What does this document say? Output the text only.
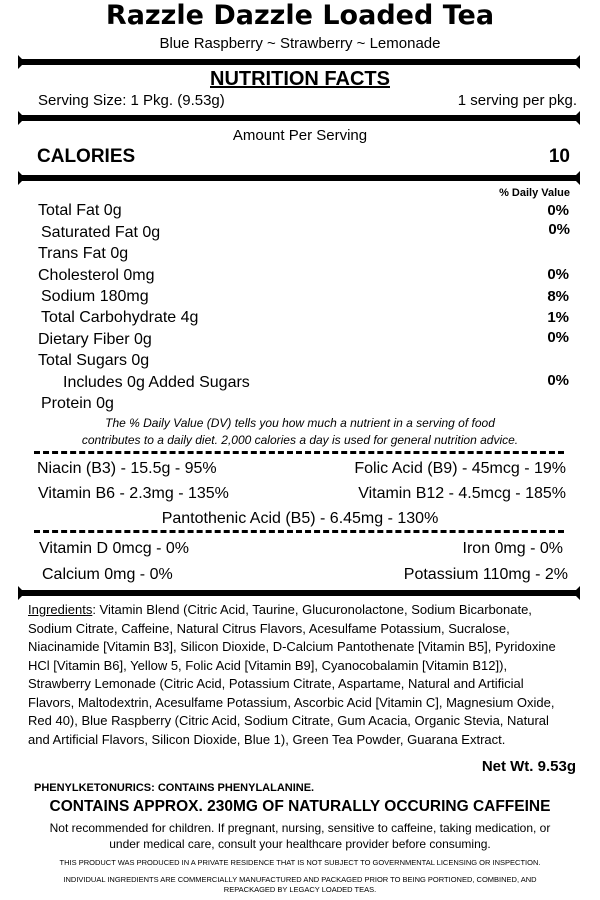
Razzle Dazzle Loaded Tea
Blue Raspberry ~ Strawberry ~ Lemonade
NUTRITION FACTS
Serving Size: 1 Pkg. (9.53g)	1 serving per pkg.
Amount Per Serving
CALORIES	10
% Daily Value
Total Fat 0g	0%
Saturated Fat 0g	0%
Trans Fat 0g
Cholesterol 0mg	0%
Sodium 180mg	8%
Total Carbohydrate 4g	1%
Dietary Fiber 0g	0%
Total Sugars 0g
Includes 0g Added Sugars	0%
Protein 0g
The % Daily Value (DV) tells you how much a nutrient in a serving of food
contributes to a daily diet. 2,000 calories a day is used for general nutrition advice.
Niacin (B3) - 15.5g - 95%	Folic Acid (B9) - 45mcg - 19%
Vitamin B6 - 2.3mg - 135%	Vitamin B12 - 4.5mcg - 185%
Pantothenic Acid (B5) - 6.45mg - 130%
Vitamin D 0mcg - 0%	Iron 0mg - 0%
Calcium 0mg - 0%	Potassium 110mg - 2%
Ingredients: Vitamin Blend (Citric Acid, Taurine, Glucuronolactone, Sodium Bicarbonate, Sodium Citrate, Caffeine, Natural Citrus Flavors, Acesulfame Potassium, Sucralose, Niacinamide [Vitamin B3], Silicon Dioxide, D-Calcium Pantothenate [Vitamin B5], Pyridoxine HCl [Vitamin B6], Yellow 5, Folic Acid [Vitamin B9], Cyanocobalamin [Vitamin B12]), Strawberry Lemonade (Citric Acid, Potassium Citrate, Aspartame, Natural and Artificial Flavors, Maltodextrin, Acesulfame Potassium, Ascorbic Acid [Vitamin C], Magnesium Oxide, Red 40), Blue Raspberry (Citric Acid, Sodium Citrate, Gum Acacia, Organic Stevia, Natural and Artificial Flavors, Silicon Dioxide, Blue 1), Green Tea Powder, Guarana Extract.
Net Wt. 9.53g
PHENYLKETONURICS: CONTAINS PHENYLALANINE.
CONTAINS APPROX. 230MG OF NATURALLY OCCURING CAFFEINE
Not recommended for children. If pregnant, nursing, sensitive to caffeine, taking medication, or
under medical care, consult your healthcare provider before consuming.
THIS PRODUCT WAS PRODUCED IN A PRIVATE RESIDENCE THAT IS NOT SUBJECT TO GOVERNMENTAL LICENSING OR INSPECTION.
INDIVIDUAL INGREDIENTS ARE COMMERCIALLY MANUFACTURED AND PACKAGED PRIOR TO BEING PORTIONED, COMBINED, AND
REPACKAGED BY LEGACY LOADED TEAS.
